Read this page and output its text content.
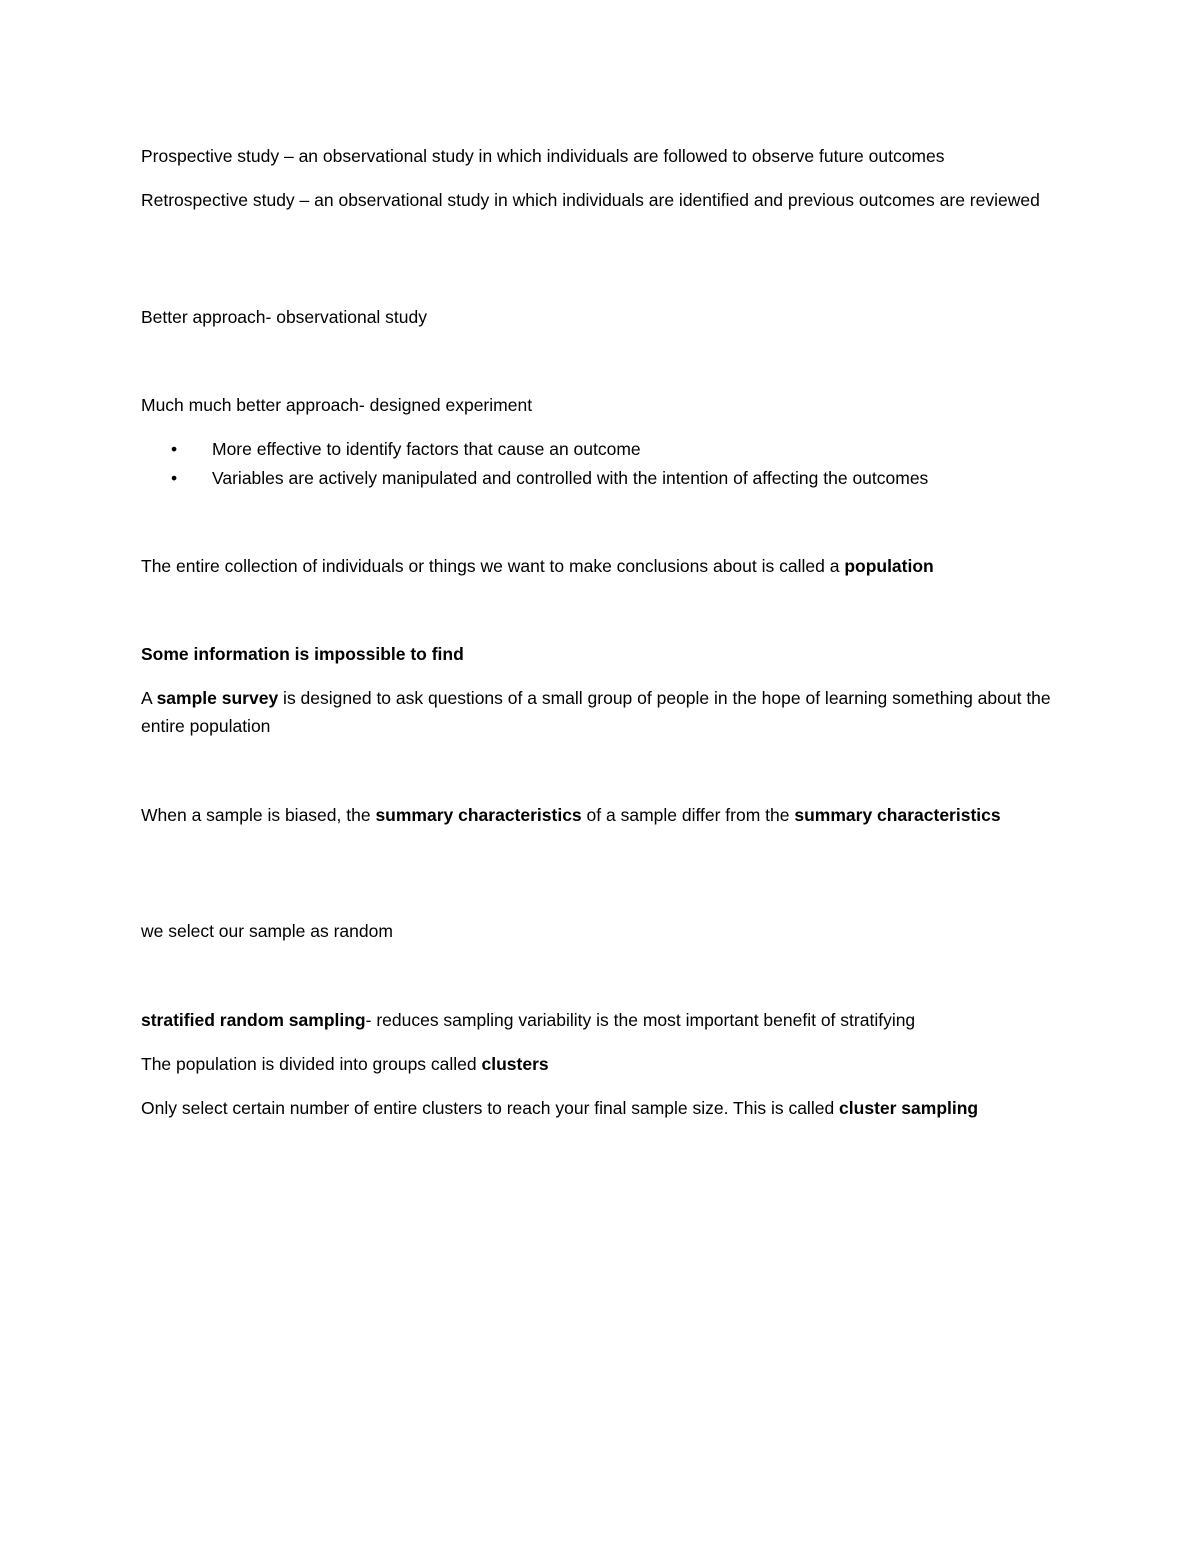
Prospective study – an observational study in which individuals are followed to observe future outcomes

Retrospective study – an observational study in which individuals are identified and previous outcomes are reviewed

Better approach- observational study

Much much better approach- designed experiment

•	More effective to identify factors that cause an outcome
•	Variables are actively manipulated and controlled with the intention of affecting the outcomes

The entire collection of individuals or things we want to make conclusions about is called a population

Some information is impossible to find

A sample survey is designed to ask questions of a small group of people in the hope of learning something about the entire population

When a sample is biased, the summary characteristics of a sample differ from the summary characteristics

we select our sample as random

stratified random sampling- reduces sampling variability is the most important benefit of stratifying

The population is divided into groups called clusters

Only select certain number of entire clusters to reach your final sample size. This is called cluster sampling
